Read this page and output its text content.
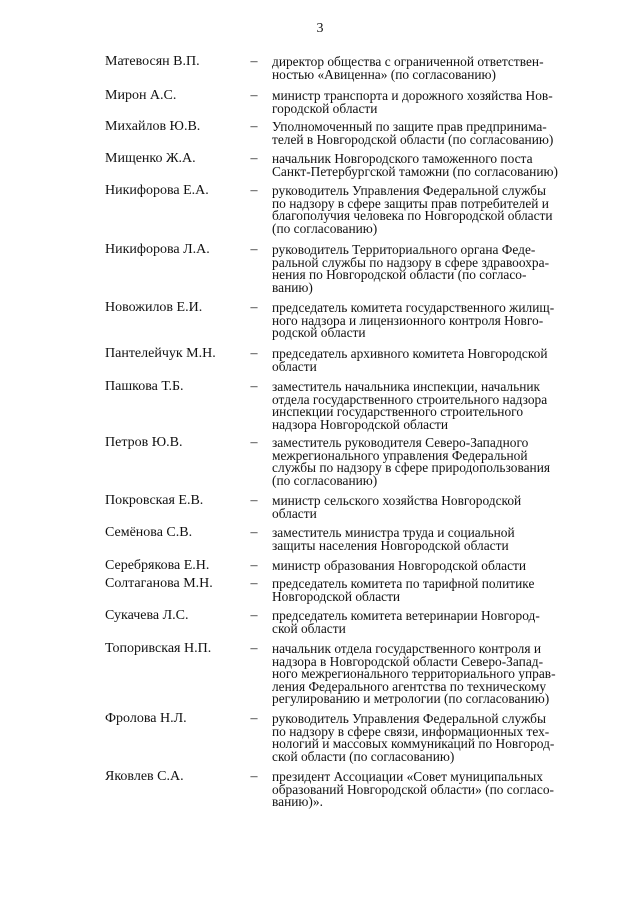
3
Матевосян В.П.	– директор общества с ограниченной ответствен-
ностью «Авиценна» (по согласованию)
Мирон А.С.	– министр транспорта и дорожного хозяйства Нов-
городской области
Михайлов Ю.В.	– Уполномоченный по защите прав предпринима-
телей в Новгородской области (по согласованию)
Мищенко Ж.А.	– начальник Новгородского таможенного поста
Санкт-Петербургской таможни (по согласованию)
Никифорова Е.А.	– руководитель Управления Федеральной службы
по надзору в сфере защиты прав потребителей и
благополучия человека по Новгородской области
(по согласованию)
Никифорова Л.А.	– руководитель Территориального органа Феде-
ральной службы по надзору в сфере здравоохра-
нения по Новгородской области (по согласо-
ванию)
Новожилов Е.И.	– председатель комитета государственного жилищ-
ного надзора и лицензионного контроля Новго-
родской области
Пантелейчук М.Н.	– председатель архивного комитета Новгородской
области
Пашкова Т.Б.	– заместитель начальника инспекции, начальник
отдела государственного строительного надзора
инспекции государственного строительного
надзора Новгородской области
Петров Ю.В.	– заместитель руководителя Северо-Западного
межрегионального управления Федеральной
службы по надзору в сфере природопользования
(по согласованию)
Покровская Е.В.	– министр сельского хозяйства Новгородской
области
Семёнова С.В.	– заместитель министра труда и социальной
защиты населения Новгородской области
Серебрякова Е.Н.	– министр образования Новгородской области
Солтаганова М.Н.	– председатель комитета по тарифной политике
Новгородской области
Сукачева Л.С.	– председатель комитета ветеринарии Новгород-
ской области
Топоривская Н.П.	– начальник отдела государственного контроля и
надзора в Новгородской области Северо-Запад-
ного межрегионального территориального управ-
ления Федерального агентства по техническому
регулированию и метрологии (по согласованию)
Фролова Н.Л.	– руководитель Управления Федеральной службы
по надзору в сфере связи, информационных тех-
нологий и массовых коммуникаций по Новгород-
ской области (по согласованию)
Яковлев С.А.	– президент Ассоциации «Совет муниципальных
образований Новгородской области» (по согласо-
ванию)».
